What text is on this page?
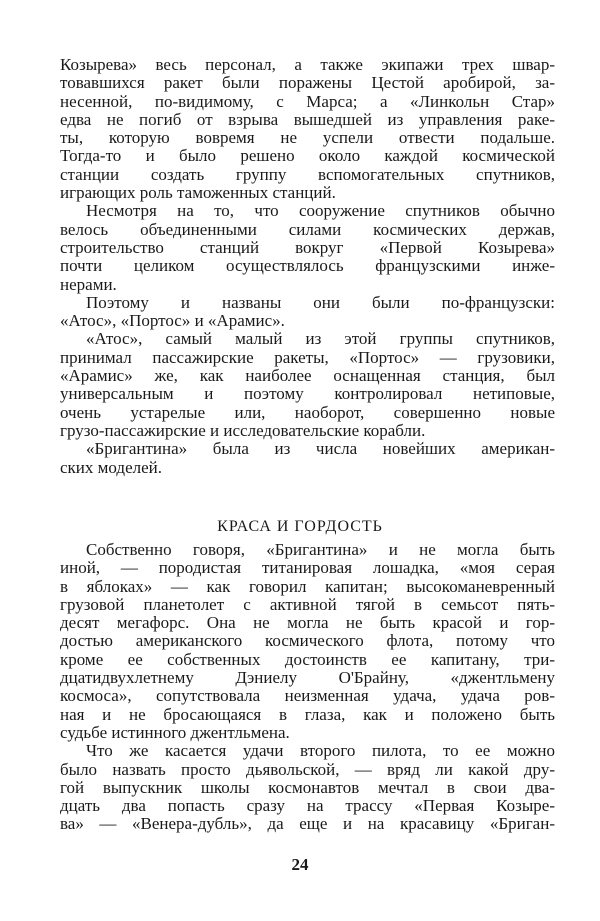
Козырева» весь персонал, а также экипажи трех швар-
товавшихся ракет были поражены Цестой аробирой, за-
несенной, по-видимому, с Марса; а «Линкольн Стар»
едва не погиб от взрыва вышедшей из управления раке-
ты, которую вовремя не успели отвести подальше.
Тогда-то и было решено около каждой космической
станции создать группу вспомогательных спутников,
играющих роль таможенных станций.
Несмотря на то, что сооружение спутников обычно
велось объединенными силами космических держав,
строительство станций вокруг «Первой Козырева»
почти целиком осуществлялось французскими инже-
нерами.
Поэтому и названы они были по-французски:
«Атос», «Портос» и «Арамис».
«Атос», самый малый из этой группы спутников,
принимал пассажирские ракеты, «Портос» — грузовики,
«Арамис» же, как наиболее оснащенная станция, был
универсальным и поэтому контролировал нетиповые,
очень устарелые или, наоборот, совершенно новые
грузо-пассажирские и исследовательские корабли.
«Бригантина» была из числа новейших американ-
ских моделей.
КРАСА И ГОРДОСТЬ
Собственно говоря, «Бригантина» и не могла быть
иной, — породистая титанировая лошадка, «моя серая
в яблоках» — как говорил капитан; высокоманевренный
грузовой планетолет с активной тягой в семьсот пять-
десят мегафорс. Она не могла не быть красой и гор-
достью американского космического флота, потому что
кроме ее собственных достоинств ее капитану, три-
дцатидвухлетнему Дэниелу О'Брайну, «джентльмену
космоса», сопутствовала неизменная удача, удача ров-
ная и не бросающаяся в глаза, как и положено быть
судьбе истинного джентльмена.
Что же касается удачи второго пилота, то ее можно
было назвать просто дьявольской, — вряд ли какой дру-
гой выпускник школы космонавтов мечтал в свои два-
дцать два попасть сразу на трассу «Первая Козыре-
ва» — «Венера-дубль», да еще и на красавицу «Бриган-
24
